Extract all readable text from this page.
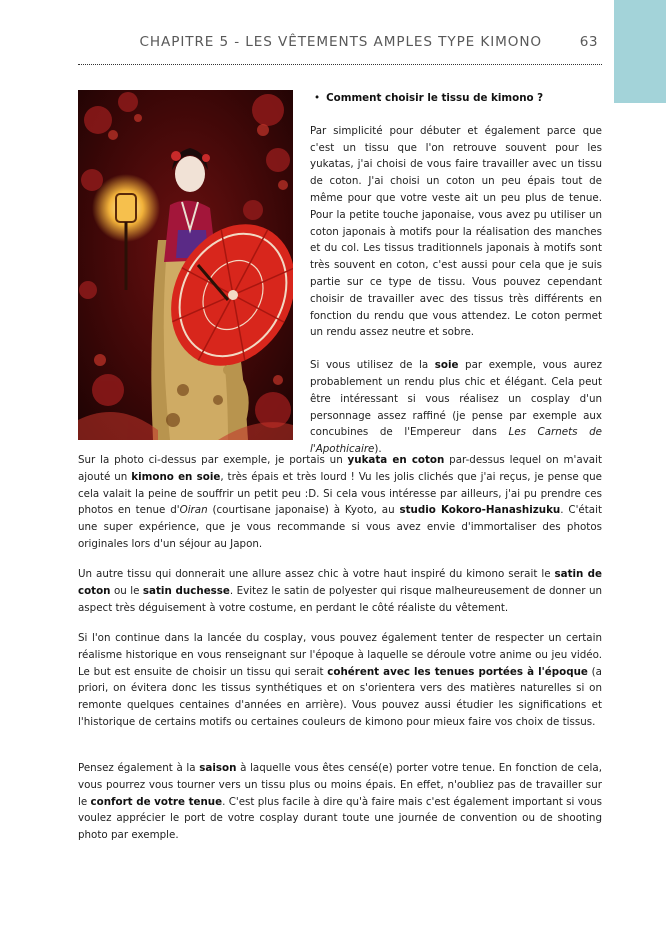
CHAPITRE 5 - LES VÊTEMENTS AMPLES TYPE KIMONO	63
• Comment choisir le tissu de kimono ?

Par simplicité pour débuter et également parce que c'est un tissu que l'on retrouve souvent pour les yukatas, j'ai choisi de vous faire travailler avec un tissu de coton. J'ai choisi un coton un peu épais tout de même pour que votre veste ait un peu plus de tenue. Pour la petite touche japonaise, vous avez pu utiliser un coton japonais à motifs pour la réalisation des manches et du col. Les tissus traditionnels japonais à motifs sont très souvent en coton, c'est aussi pour cela que je suis partie sur ce type de tissu. Vous pouvez cependant choisir de travailler avec des tissus très différents en fonction du rendu que vous attendez. Le coton permet un rendu assez neutre et sobre.

Si vous utilisez de la soie par exemple, vous aurez probablement un rendu plus chic et élégant. Cela peut être intéressant si vous réalisez un cosplay d'un personnage assez raffiné (je pense par exemple aux concubines de l'Empereur dans Les Carnets de l'Apothicaire).

Sur la photo ci-dessus par exemple, je portais un yukata en coton par-dessus lequel on m'avait ajouté un kimono en soie, très épais et très lourd ! Vu les jolis clichés que j'ai reçus, je pense que cela valait la peine de souffrir un petit peu :D. Si cela vous intéresse par ailleurs, j'ai pu prendre ces photos en tenue d'Oiran (courtisane japonaise) à Kyoto, au studio Kokoro-Hanashizuku. C'était une super expérience, que je vous recommande si vous avez envie d'immortaliser des photos originales lors d'un séjour au Japon.

Un autre tissu qui donnerait une allure assez chic à votre haut inspiré du kimono serait le satin de coton ou le satin duchesse. Evitez le satin de polyester qui risque malheureusement de donner un aspect très déguisement à votre costume, en perdant le côté réaliste du vêtement.

Si l'on continue dans la lancée du cosplay, vous pouvez également tenter de respecter un certain réalisme historique en vous renseignant sur l'époque à laquelle se déroule votre anime ou jeu vidéo. Le but est ensuite de choisir un tissu qui serait cohérent avec les tenues portées à l'époque (a priori, on évitera donc les tissus synthétiques et on s'orientera vers des matières naturelles si on remonte quelques centaines d'années en arrière). Vous pouvez aussi étudier les significations et l'historique de certains motifs ou certaines couleurs de kimono pour mieux faire vos choix de tissus.

Pensez également à la saison à laquelle vous êtes censé(e) porter votre tenue. En fonction de cela, vous pourrez vous tourner vers un tissu plus ou moins épais. En effet, n'oubliez pas de travailler sur le confort de votre tenue. C'est plus facile à dire qu'à faire mais c'est également important si vous voulez apprécier le port de votre cosplay durant toute une journée de convention ou de shooting photo par exemple.
